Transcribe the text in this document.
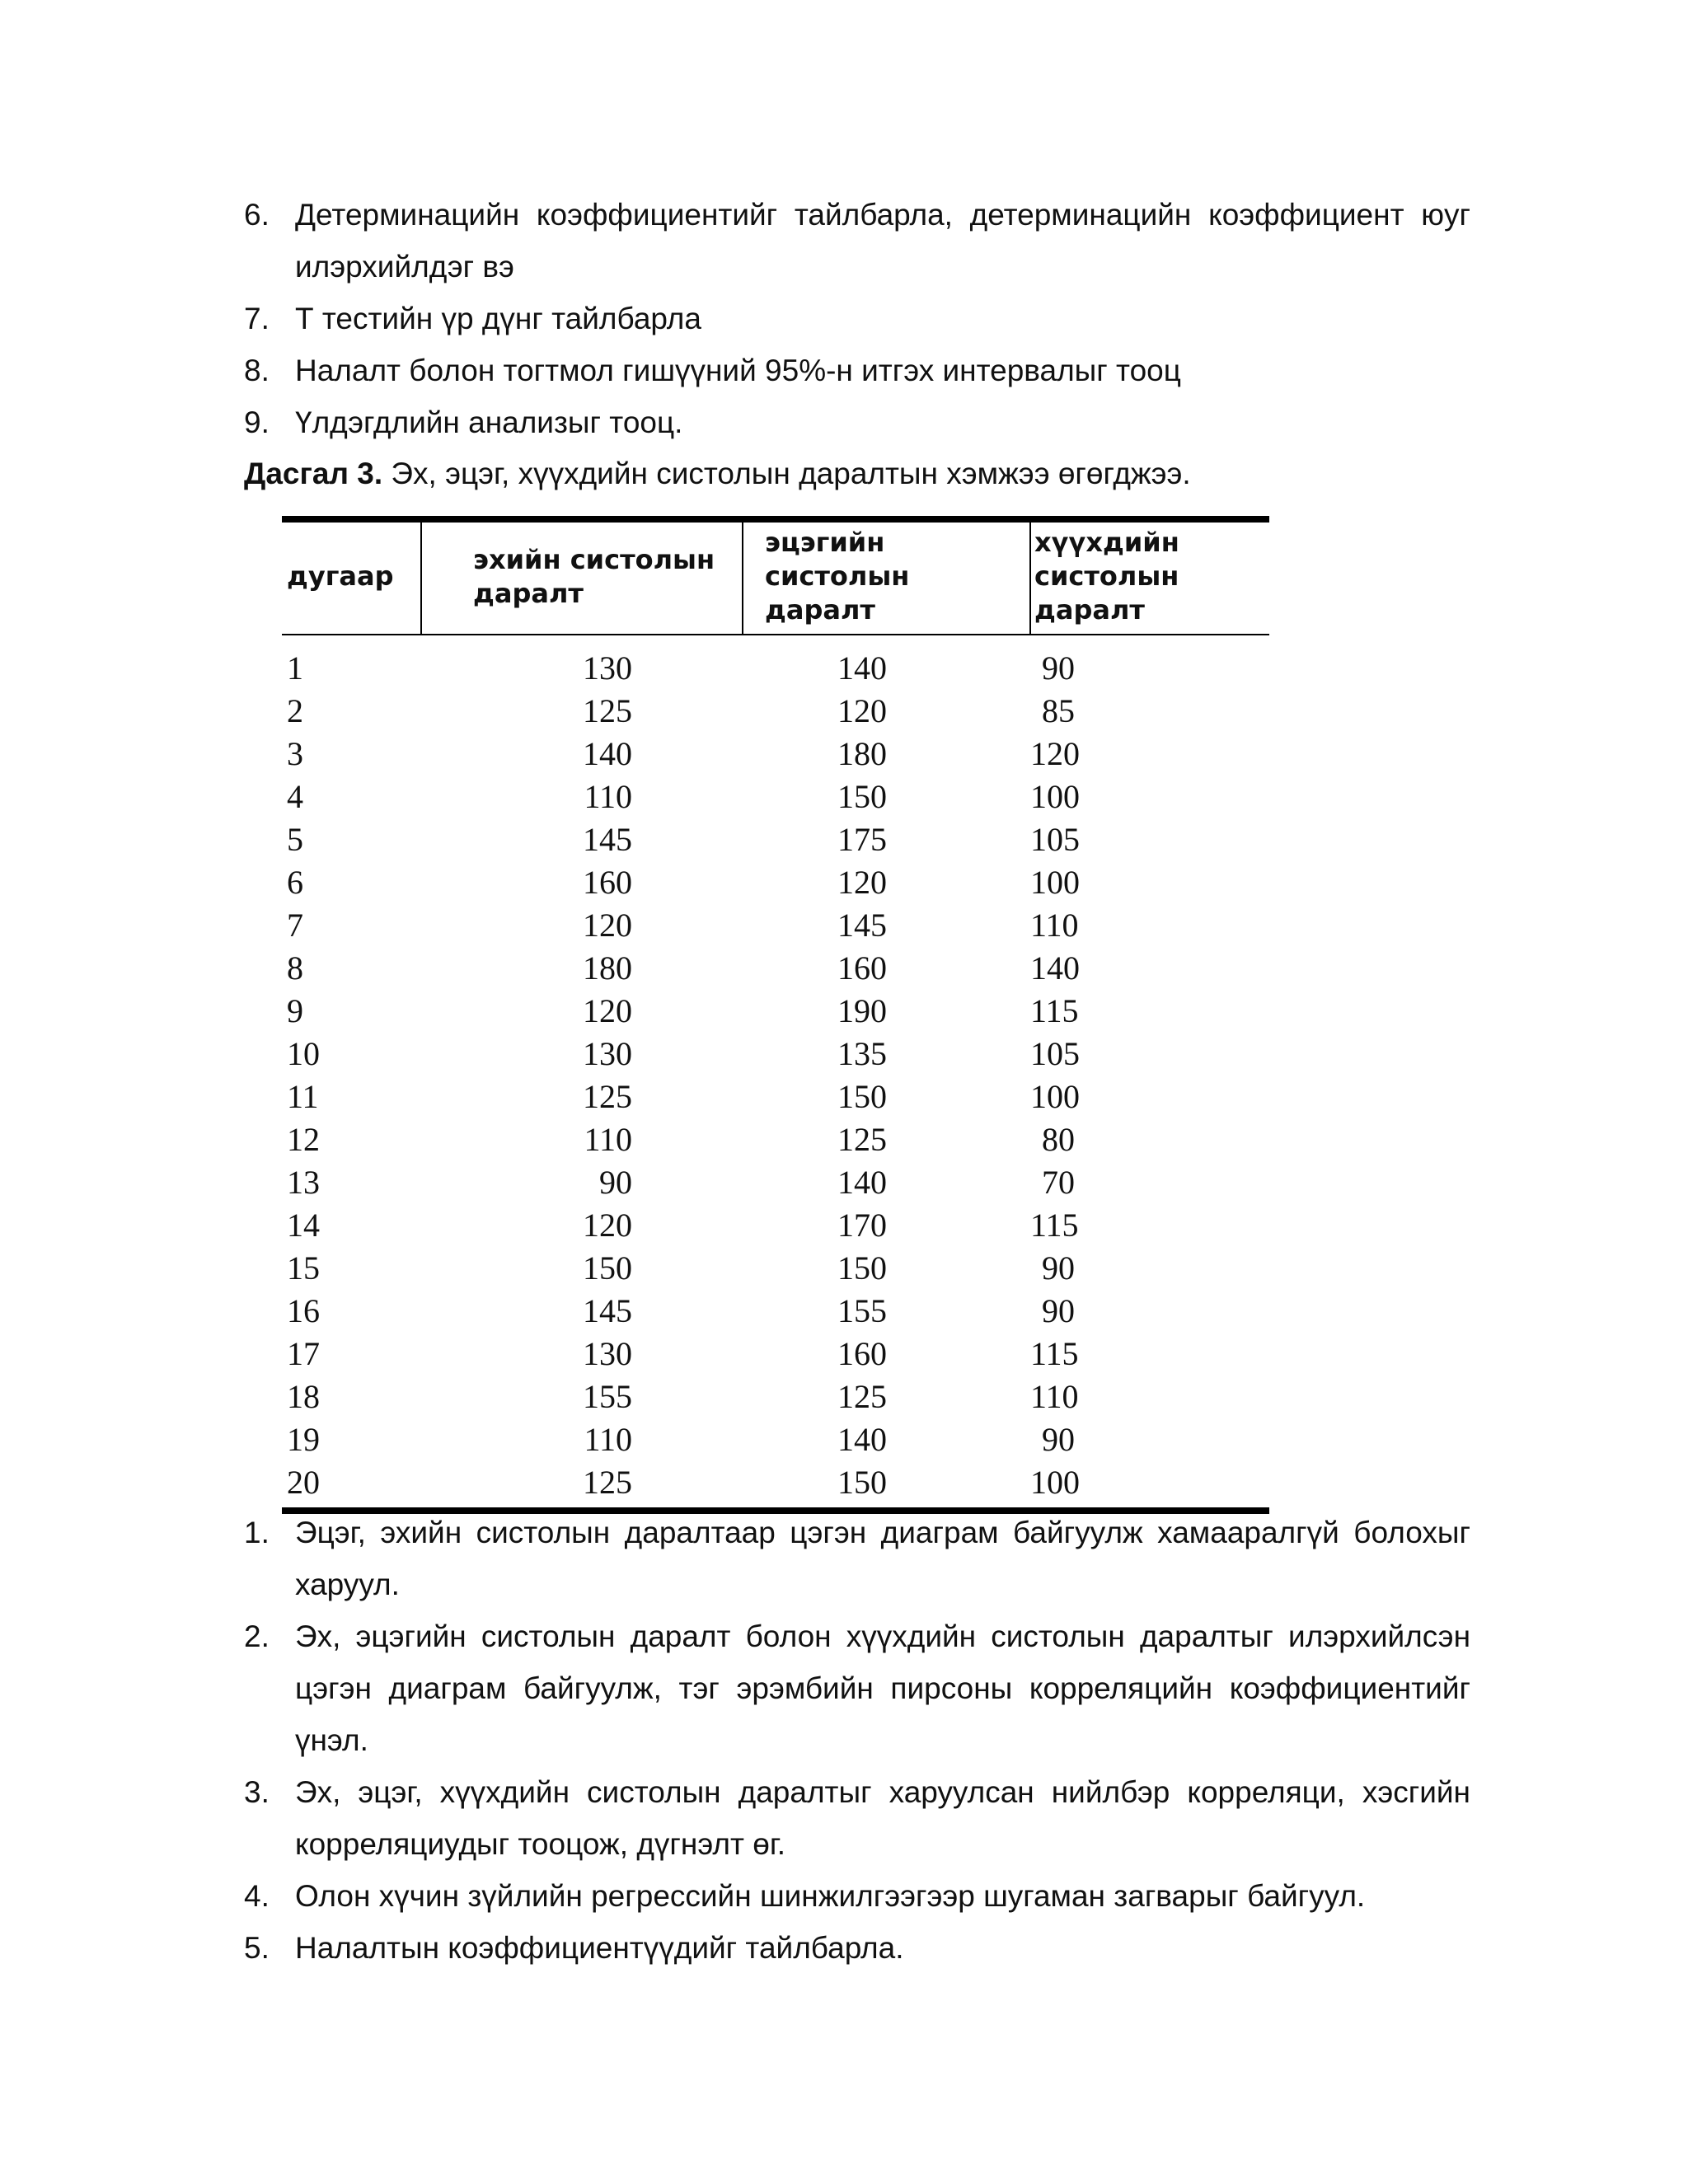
6. Детерминацийн коэффициентийг тайлбарла, детерминацийн коэффициент юуг илэрхийлдэг вэ
7. Т тестийн үр дүнг тайлбарла
8. Налалт болон тогтмол гишүүний 95%-н итгэх интервалыг тооц
9. Үлдэгдлийн анализыг тооц.
Дасгал 3. Эх, эцэг, хүүхдийн систолын даралтын хэмжээ өгөгджээ.
дугаар	эхийн систолын даралт	эцэгийн систолын даралт	хүүхдийн систолын даралт
1	130	140	90
2	125	120	85
3	140	180	120
4	110	150	100
5	145	175	105
6	160	120	100
7	120	145	110
8	180	160	140
9	120	190	115
10	130	135	105
11	125	150	100
12	110	125	80
13	90	140	70
14	120	170	115
15	150	150	90
16	145	155	90
17	130	160	115
18	155	125	110
19	110	140	90
20	125	150	100
1. Эцэг, эхийн систолын даралтаар цэгэн диаграм байгуулж хамааралгүй болохыг харуул.
2. Эх, эцэгийн систолын даралт болон хүүхдийн систолын даралтыг илэрхийлсэн цэгэн диаграм байгуулж, тэг эрэмбийн пирсоны корреляцийн коэффициентийг үнэл.
3. Эх, эцэг, хүүхдийн систолын даралтыг харуулсан нийлбэр корреляци, хэсгийн корреляциудыг тооцож, дүгнэлт өг.
4. Олон хүчин зүйлийн регрессийн шинжилгээгээр шугаман загварыг байгуул.
5. Налалтын коэффициентүүдийг тайлбарла.
